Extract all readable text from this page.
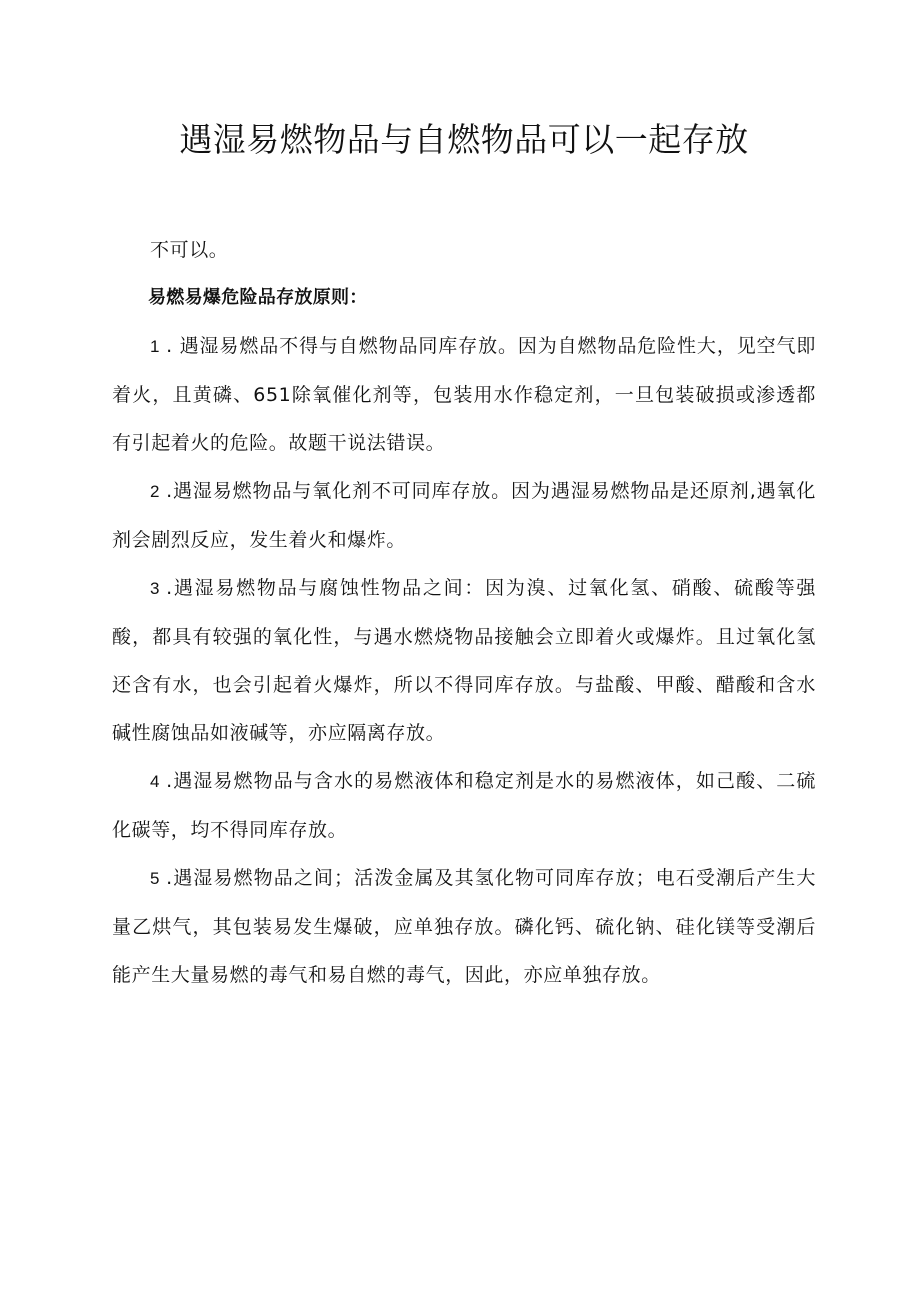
遇湿易燃物品与自燃物品可以一起存放

不可以。

易燃易爆危险品存放原则：

1 . 遇湿易燃品不得与自燃物品同库存放。因为自燃物品危险性大，见空气即着火，且黄磷、651除氧催化剂等，包装用水作稳定剂，一旦包装破损或渗透都有引起着火的危险。故题干说法错误。

2 .遇湿易燃物品与氧化剂不可同库存放。因为遇湿易燃物品是还原剂,遇氧化剂会剧烈反应，发生着火和爆炸。

3 .遇湿易燃物品与腐蚀性物品之间：因为溴、过氧化氢、硝酸、硫酸等强酸，都具有较强的氧化性，与遇水燃烧物品接触会立即着火或爆炸。且过氧化氢还含有水，也会引起着火爆炸，所以不得同库存放。与盐酸、甲酸、醋酸和含水碱性腐蚀品如液碱等，亦应隔离存放。

4 .遇湿易燃物品与含水的易燃液体和稳定剂是水的易燃液体，如己酸、二硫化碳等，均不得同库存放。

5 .遇湿易燃物品之间；活泼金属及其氢化物可同库存放；电石受潮后产生大量乙烘气，其包装易发生爆破，应单独存放。磷化钙、硫化钠、硅化镁等受潮后能产生大量易燃的毒气和易自燃的毒气，因此，亦应单独存放。
